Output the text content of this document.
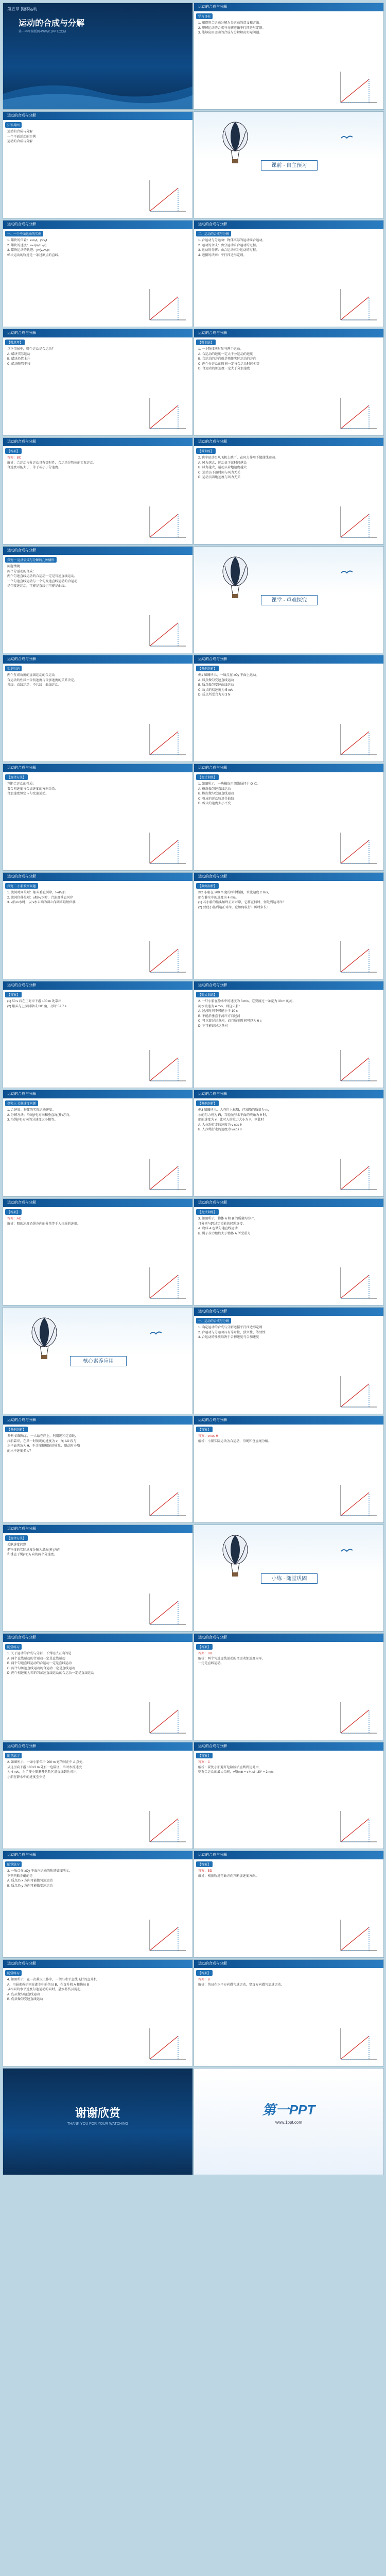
第五章 抛体运动
运动的合成与分解
第一PPT模板网-WWW.1PPT.COM
运动的合成与分解
学习目标
1. 知道将合运动分解为分运动的意义和方法。
2. 理解运动的合成与分解遵循平行四边形定则。
3. 能够应用运动的合成与分解解决实际问题。
运动的合成与分解
知识导图
运动的合成与分解
一个平面运动的实例
运动的合成与分解
课前 · 自主预习
运动的合成与分解
一、一个平面运动的实例
1. 蜡块的位置：x=vₓt，y=vᵧt
2. 蜡块的速度：v=√(vₓ²+vᵧ²)
3. 蜡块运动的轨迹：y=(vᵧ/vₓ)x
蜡块运动的轨迹是一条过原点的直线。
运动的合成与分解
二、运动的合成与分解
1. 合运动与分运动：物体实际的运动叫合运动。
2. 运动的合成：由分运动求合运动的过程。
3. 运动的分解：由合运动求分运动的过程。
4. 遵循的法则：平行四边形定则。
运动的合成与分解
【微思考】
以下情景中，哪个运动是合运动？
A. 蜡块实际运动
B. 蜡块沿管上升
C. 蜡块随管平移
运动的合成与分解
【微训练】
1. 一个物体同时参与两个运动。
A. 合运动的速度一定大于分运动的速度
B. 合运动的方向就是物体实际运动的方向
C. 两个分运动的时间一定与合运动时间相等
D. 合运动的加速度一定大于分加速度
运动的合成与分解
【答案】
答案：BC
解析：合运动与分运动具有等时性，合运动是物体的实际运动。
合速度可能大于、等于或小于分速度。
运动的合成与分解
【微训练】
2. 跳伞运动员从飞机上跳下，在风力作用下做曲线运动。
A. 风力越大，运动员下落时间越长
B. 风力越大，运动员着地速度越大
C. 运动员下落时间与风力无关
D. 运动员着地速度与风力无关
运动的合成与分解
探究一 运动合成与分解的几种情形
问题情境
两个分运动的合成：
两个匀速直线运动的合运动一定是匀速直线运动。
一个匀速直线运动与一个匀变速直线运动的合运动
是匀变速运动，可能是直线也可能是曲线。
课堂 · 重难探究
运动的合成与分解
知识归纳
两个互成角度的直线运动的合运动
合运动的性质由合初速度与合加速度的关系决定。
共线：直线运动；不共线：曲线运动。
运动的合成与分解
【典例剖析】
例1 如图所示，一质点在 xOy 平面上运动。
A. 质点做匀变速直线运动
B. 质点做匀变速曲线运动
C. 质点的初速度为 5 m/s
D. 质点所受合力为 3 N
运动的合成与分解
【规律方法】
判断合运动的性质：
看合初速度与合加速度的方向关系。
合加速度恒定→匀变速运动。
运动的合成与分解
【变式训练】
1. 如图所示，一块橡皮用细线悬挂于 O 点。
A. 橡皮做匀速直线运动
B. 橡皮做匀变速直线运动
C. 橡皮的运动轨迹是曲线
D. 橡皮的速度大小不变
运动的合成与分解
探究二 小船渡河问题
1. 渡河时间最短：船头垂直河岸，t=d/v船
2. 渡河位移最短：v船>v水时，合速度垂直河岸
3. v船<v水时，以 v水末端为圆心作圆求最短位移
运动的合成与分解
【典例剖析】
例2 小船在 200 m 宽的河中横渡，水流速度 2 m/s，
船在静水中的速度为 4 m/s。
(1) 若小船的船头始终正对对岸，它将在何时、何处到达对岸？
(2) 要使小船到达正对岸，应如何航行？历时多长？
运动的合成与分解
【答案】
(1) 50 s 后在正对岸下游 100 m 处靠岸
(2) 船头与上游河岸成 60° 角，历时 57.7 s
运动的合成与分解
【变式训练】
2. 一只小船在静水中的速度为 3 m/s，它要渡过一条宽为 30 m 的河，
河水流速为 4 m/s，则这只船：
A. 过河时间不可能小于 10 s
B. 不能沿垂直于河岸方向过河
C. 可以渡过这条河，而且所需时间可以为 6 s
D. 不可能渡过这条河
运动的合成与分解
探究三 关联速度问题
1. 合速度：物体的实际运动速度。
2. 分解方法：沿绳(杆)方向和垂直绳(杆)方向。
3. 沿绳(杆)方向的分速度大小相等。
运动的合成与分解
【典例剖析】
例3 如图所示，人在岸上拉船，已知船的质量为 m，
水的阻力恒为 Ff，当轻绳与水平面的夹角为 θ 时，
船的速度为 v，此时人的拉力大小为 F，则此时
A. 人拉绳行走的速度为 v cos θ
B. 人拉绳行走的速度为 v/cos θ
运动的合成与分解
【答案】
答案：AC
解析：船的速度沿绳方向的分量等于人拉绳的速度。
运动的合成与分解
【变式训练】
3. 如图所示，物体 A 和 B 的质量均为 m，
且分别与跨过定滑轮的轻绳连接，
A. 物体 A 也做匀速直线运动
B. 绳子拉力始终大于物体 A 所受重力
核心素养应用
运动的合成与分解
一、运动的合成与分解
1. 确定运动的合成与分解遵循平行四边形定则
2. 合运动与分运动具有等时性、独立性、等效性
3. 合运动的性质取决于合初速度与合加速度
运动的合成与分解
【典例剖析】
典例 如图所示，一人站在岸上，利用绳和定滑轮，
拉船靠岸，在某一时刻绳的速度为 v，绳 AO 段与
水平面夹角为 θ，不计摩擦和轮的质量，则此时小船
的水平速度多大？
运动的合成与分解
【答案】
答案：v/cos θ
解析：小船实际运动为合运动，沿绳和垂直绳分解。
运动的合成与分解
【规律方法】
关联速度问题：
把物体的实际速度分解为沿绳(杆)方向
和垂直于绳(杆)方向的两个分速度。
小练 · 随堂巩固
运动的合成与分解
随堂练习
1. 关于运动的合成与分解，下列说法正确的是
A. 两个直线运动的合运动一定是直线运动
B. 两个匀速直线运动的合运动一定是直线运动
C. 两个匀加速直线运动的合运动一定是直线运动
D. 两个初速度为零的匀加速直线运动的合运动一定是直线运动
运动的合成与分解
【答案】
答案：BD
解析：两个匀速直线运动的合运动加速度为零，
一定是直线运动。
运动的合成与分解
随堂练习
2. 如图所示，一条小船位于 200 m 宽的河正中 A 点处，
从这里向下游 100√3 m 处有一危险区，当时水流速度
为 4 m/s，为了使小船避开危险区沿直线到达对岸，
小船在静水中的速度至少是
运动的合成与分解
【答案】
答案：C
解析：要使小船避开危险区沿直线到达对岸，
则有合运动的最大位移，v船min = v水 sin 30° = 2 m/s
运动的合成与分解
随堂练习
3. 一质点在 xOy 平面内运动的轨迹如图所示，
下列判断正确的是
A. 质点沿 x 方向可能做匀速运动
B. 质点沿 y 方向可能做变速运动
运动的合成与分解
【答案】
答案：BD
解析：根据轨迹弯曲方向判断加速度方向。
运动的合成与分解
随堂练习
4. 如图所示，在一次救灾工作中，一架沿水平直线飞行的直升机
A，用悬索救护困在湖水中的伤员 B，在直升机 A 和伤员 B
以相同的水平速度匀速运动的同时，悬索将伤员提起。
A. 伤员做匀速直线运动
B. 伤员做匀变速直线运动
运动的合成与分解
【答案】
答案：B
解析：伤员在水平方向做匀速运动，竖直方向做匀加速运动。
谢谢欣赏
THANK YOU FOR YOUR WATCHING
第一PPT
www.1ppt.com
